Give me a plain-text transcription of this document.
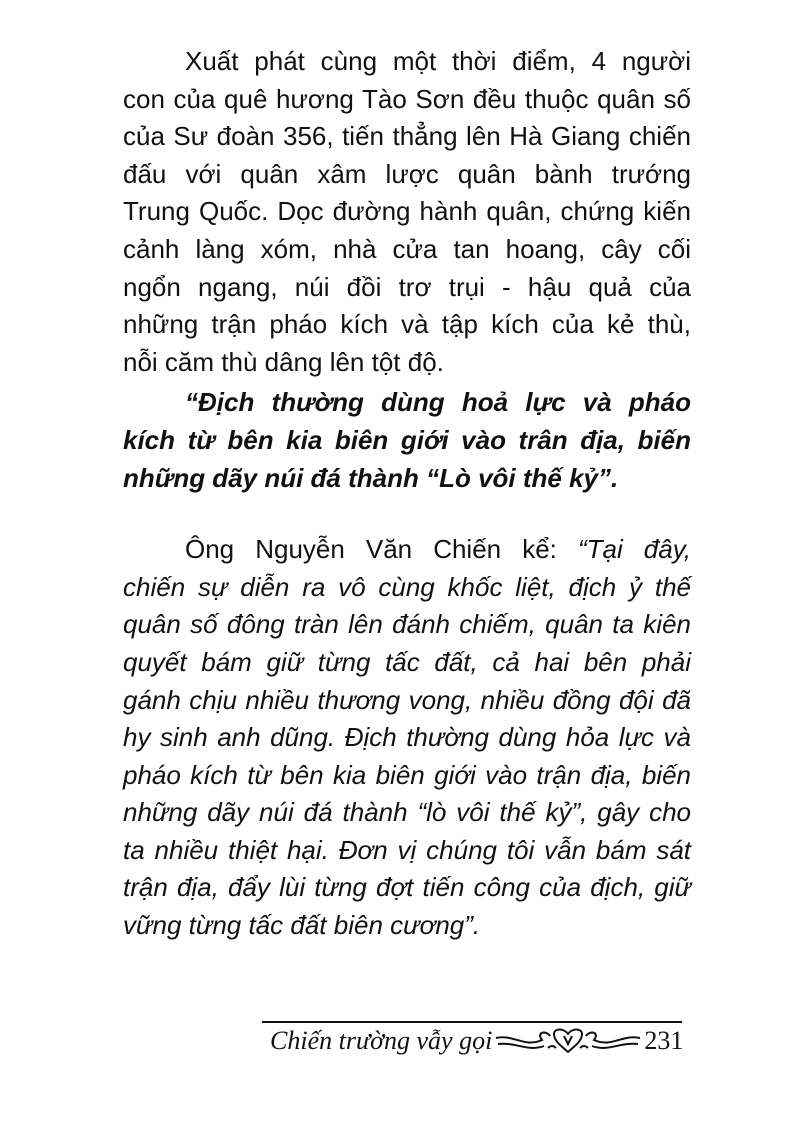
Xuất phát cùng một thời điểm, 4 người
con của quê hương Tào Sơn đều thuộc quân số
của Sư đoàn 356, tiến thẳng lên Hà Giang chiến
đấu với quân xâm lược quân bành trướng
Trung Quốc. Dọc đường hành quân, chứng kiến
cảnh làng xóm, nhà cửa tan hoang, cây cối
ngổn ngang, núi đồi trơ trụi - hậu quả của
những trận pháo kích và tập kích của kẻ thù,
nỗi căm thù dâng lên tột độ.
“Địch thường dùng hoả lực và pháo
kích từ bên kia biên giới vào trân địa, biến
những dãy núi đá thành “Lò vôi thế kỷ”.
Ông Nguyễn Văn Chiến kể: “Tại đây,
chiến sự diễn ra vô cùng khốc liệt, địch ỷ thế
quân số đông tràn lên đánh chiếm, quân ta kiên
quyết bám giữ từng tấc đất, cả hai bên phải
gánh chịu nhiều thương vong, nhiều đồng đội đã
hy sinh anh dũng. Địch thường dùng hỏa lực và
pháo kích từ bên kia biên giới vào trận địa, biến
những dãy núi đá thành “lò vôi thế kỷ”, gây cho
ta nhiều thiệt hại. Đơn vị chúng tôi vẫn bám sát
trận địa, đẩy lùi từng đợt tiến công của địch, giữ
vững từng tấc đất biên cương”.
Chiến trường vẫy gọi	231
